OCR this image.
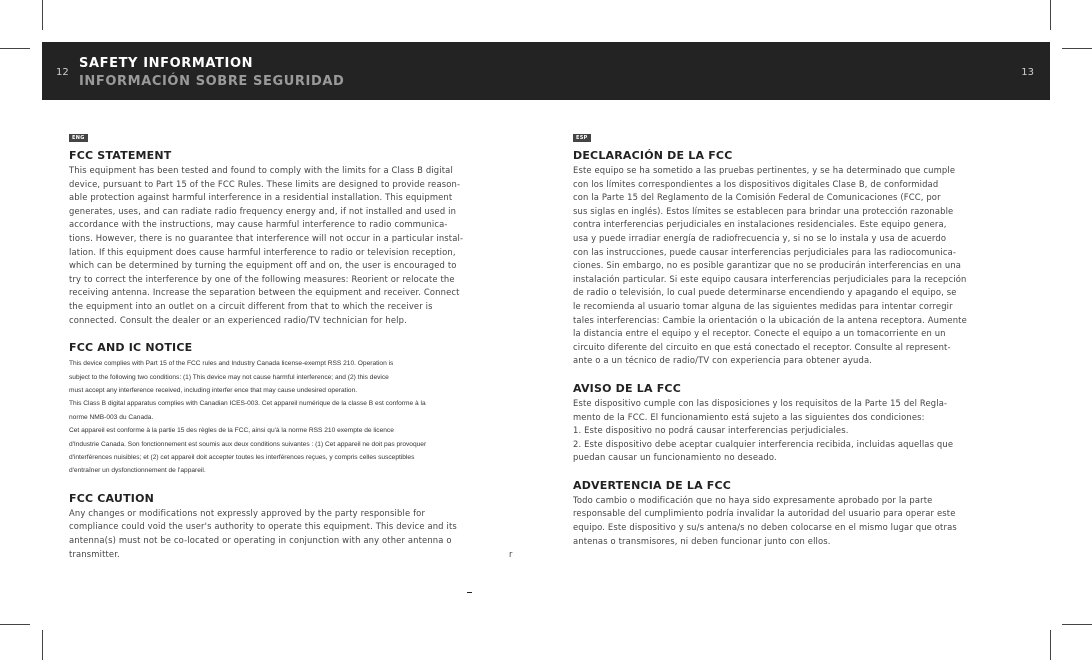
12
SAFETY INFORMATION
INFORMACIÓN SOBRE SEGURIDAD
13
ENG
FCC STATEMENT
This equipment has been tested and found to comply with the limits for a Class B digital
device, pursuant to Part 15 of the FCC Rules. These limits are designed to provide reason-
able protection against harmful interference in a residential installation. This equipment
generates, uses, and can radiate radio frequency energy and, if not installed and used in
accordance with the instructions, may cause harmful interference to radio communica-
tions. However, there is no guarantee that interference will not occur in a particular instal-
lation. If this equipment does cause harmful interference to radio or television reception,
which can be determined by turning the equipment off and on, the user is encouraged to
try to correct the interference by one of the following measures: Reorient or relocate the
receiving antenna. Increase the separation between the equipment and receiver. Connect
the equipment into an outlet on a circuit different from that to which the receiver is
connected. Consult the dealer or an experienced radio/TV technician for help.
FCC AND IC NOTICE
This device complies with Part 15 of the FCC rules and Industry Canada license-exempt RSS 210. Operation is
subject to the following two conditions: (1) This device may not cause harmful interference; and (2) this device
must accept any interference received, including interfer ence that may cause undesired operation.
This Class B digital apparatus complies with Canadian ICES-003. Cet appareil numérique de la classe B est conforme à la
norme NMB-003 du Canada.
Cet appareil est conforme à la partie 15 des règles de la FCC, ainsi qu'à la norme RSS 210 exempte de licence
d'Industrie Canada. Son fonctionnement est soumis aux deux conditions suivantes : (1) Cet appareil ne doit pas provoquer
d'interférences nuisibles; et (2) cet appareil doit accepter toutes les interférences reçues, y compris celles susceptibles
d'entraîner un dysfonctionnement de l'appareil.
FCC CAUTION
Any changes or modifications not expressly approved by the party responsible for
compliance could void the user's authority to operate this equipment. This device and its
antenna(s) must not be co-located or operating in conjunction with any other antenna o
transmitter.	r
ESP
DECLARACIÓN DE LA FCC
Este equipo se ha sometido a las pruebas pertinentes, y se ha determinado que cumple
con los límites correspondientes a los dispositivos digitales Clase B, de conformidad
con la Parte 15 del Reglamento de la Comisión Federal de Comunicaciones (FCC, por
sus siglas en inglés). Estos límites se establecen para brindar una protección razonable
contra interferencias perjudiciales en instalaciones residenciales. Este equipo genera,
usa y puede irradiar energía de radiofrecuencia y, si no se lo instala y usa de acuerdo
con las instrucciones, puede causar interferencias perjudiciales para las radiocomunica-
ciones. Sin embargo, no es posible garantizar que no se producirán interferencias en una
instalación particular. Si este equipo causara interferencias perjudiciales para la recepción
de radio o televisión, lo cual puede determinarse encendiendo y apagando el equipo, se
le recomienda al usuario tomar alguna de las siguientes medidas para intentar corregir
tales interferencias: Cambie la orientación o la ubicación de la antena receptora. Aumente
la distancia entre el equipo y el receptor. Conecte el equipo a un tomacorriente en un
circuito diferente del circuito en que está conectado el receptor. Consulte al represent-
ante o a un técnico de radio/TV con experiencia para obtener ayuda.
AVISO DE LA FCC
Este dispositivo cumple con las disposiciones y los requisitos de la Parte 15 del Regla-
mento de la FCC. El funcionamiento está sujeto a las siguientes dos condiciones:
1. Este dispositivo no podrá causar interferencias perjudiciales.
2. Este dispositivo debe aceptar cualquier interferencia recibida, incluidas aquellas que
puedan causar un funcionamiento no deseado.
ADVERTENCIA DE LA FCC
Todo cambio o modificación que no haya sido expresamente aprobado por la parte
responsable del cumplimiento podría invalidar la autoridad del usuario para operar este
equipo. Este dispositivo y su/s antena/s no deben colocarse en el mismo lugar que otras
antenas o transmisores, ni deben funcionar junto con ellos.
